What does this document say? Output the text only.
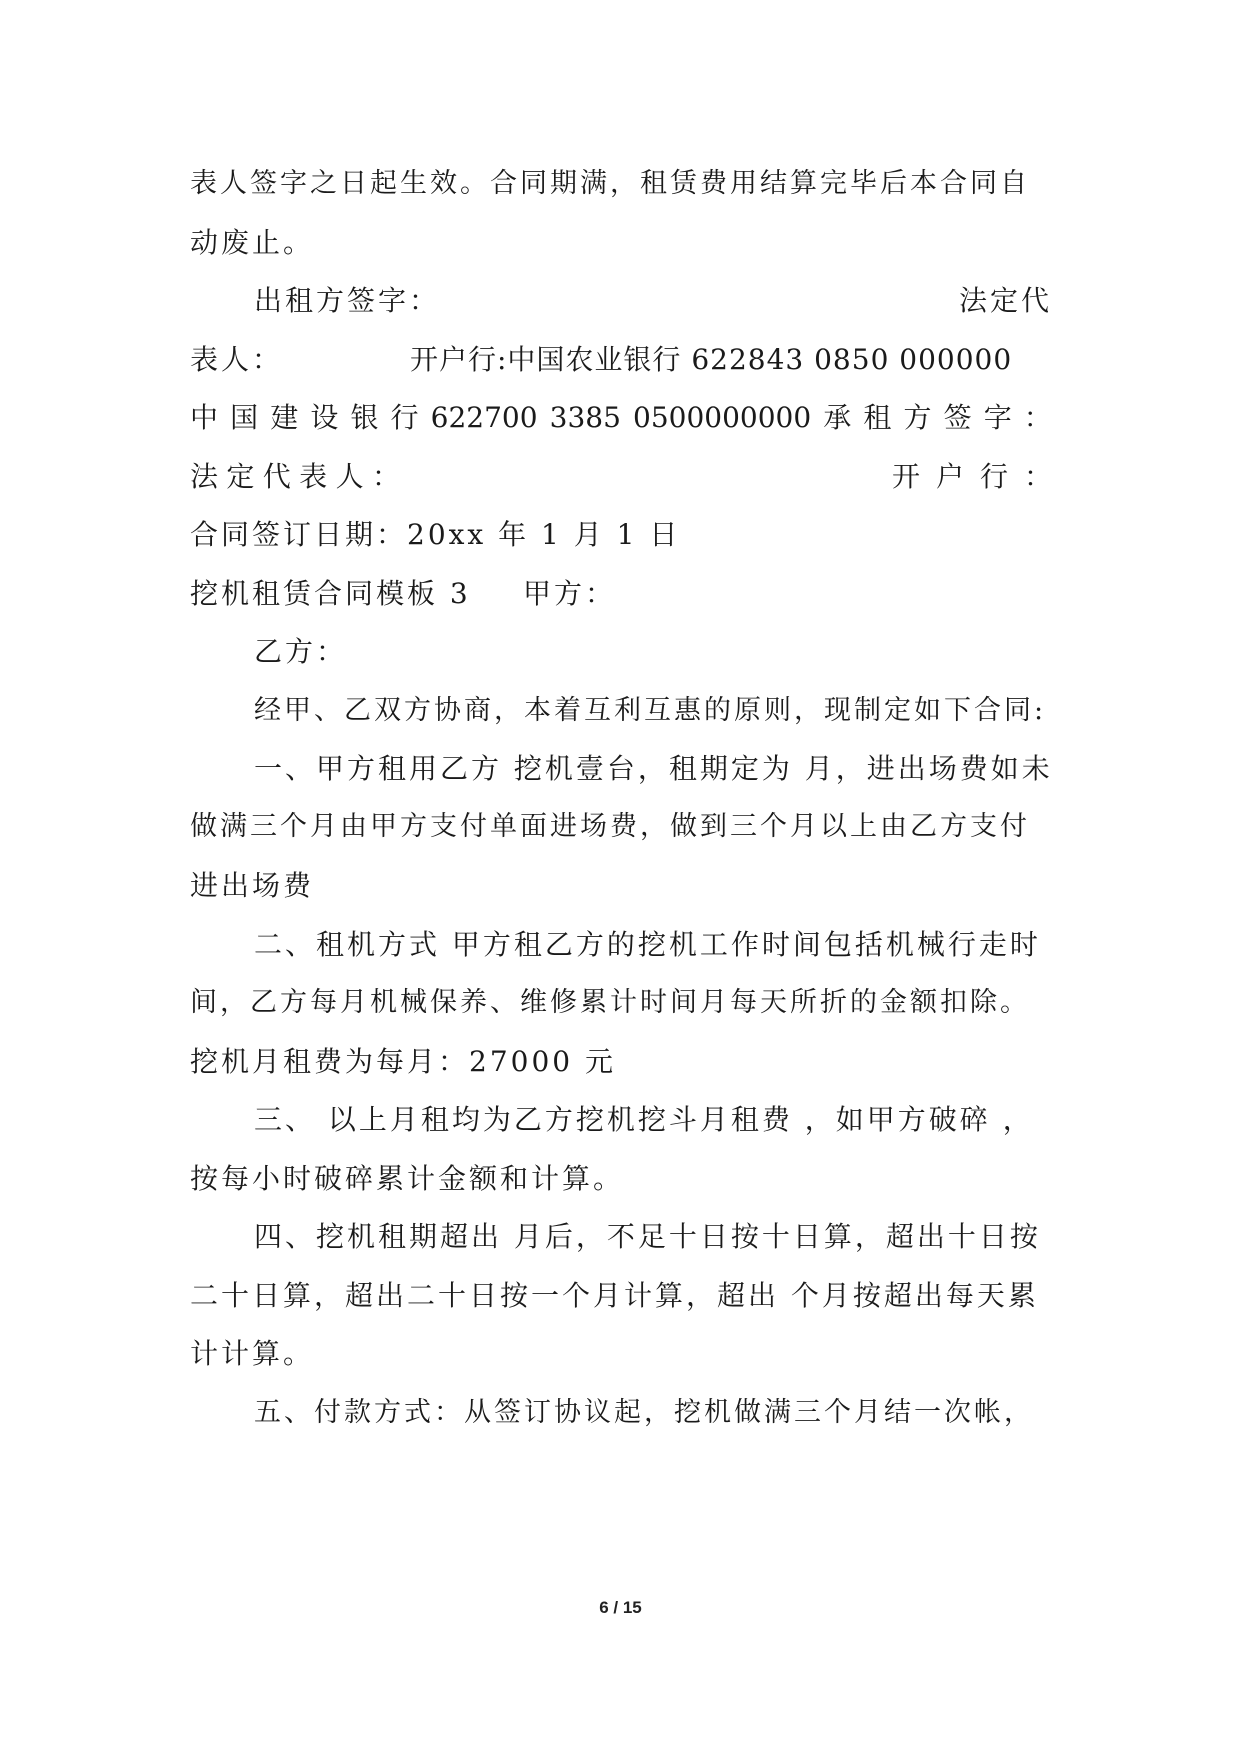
表人签字之日起生效。合同期满，租赁费用结算完毕后本合同自
动废止。
出租方签字：	法定代
表人：	开户行:中国农业银行 622843 0850 000000
中 国 建 设 银 行 622700 3385 0500000000 承 租 方 签 字 ：
法 定 代 表 人 ：	开 户 行 ：
合同签订日期：20xx 年 1 月 1 日
挖机租赁合同模板 3 甲方：
乙方：
经甲、乙双方协商，本着互利互惠的原则，现制定如下合同:
一、甲方租用乙方 挖机壹台，租期定为 月，进出场费如未
做满三个月由甲方支付单面进场费，做到三个月以上由乙方支付
进出场费
二、租机方式 甲方租乙方的挖机工作时间包括机械行走时
间，乙方每月机械保养、维修累计时间月每天所折的金额扣除。
挖机月租费为每月：27000 元
三、 以上月租均为乙方挖机挖斗月租费 ，如甲方破碎 ，
按每小时破碎累计金额和计算。
四、挖机租期超出 月后，不足十日按十日算，超出十日按
二十日算，超出二十日按一个月计算，超出 个月按超出每天累
计计算。
五、付款方式：从签订协议起，挖机做满三个月结一次帐，
6 / 15
